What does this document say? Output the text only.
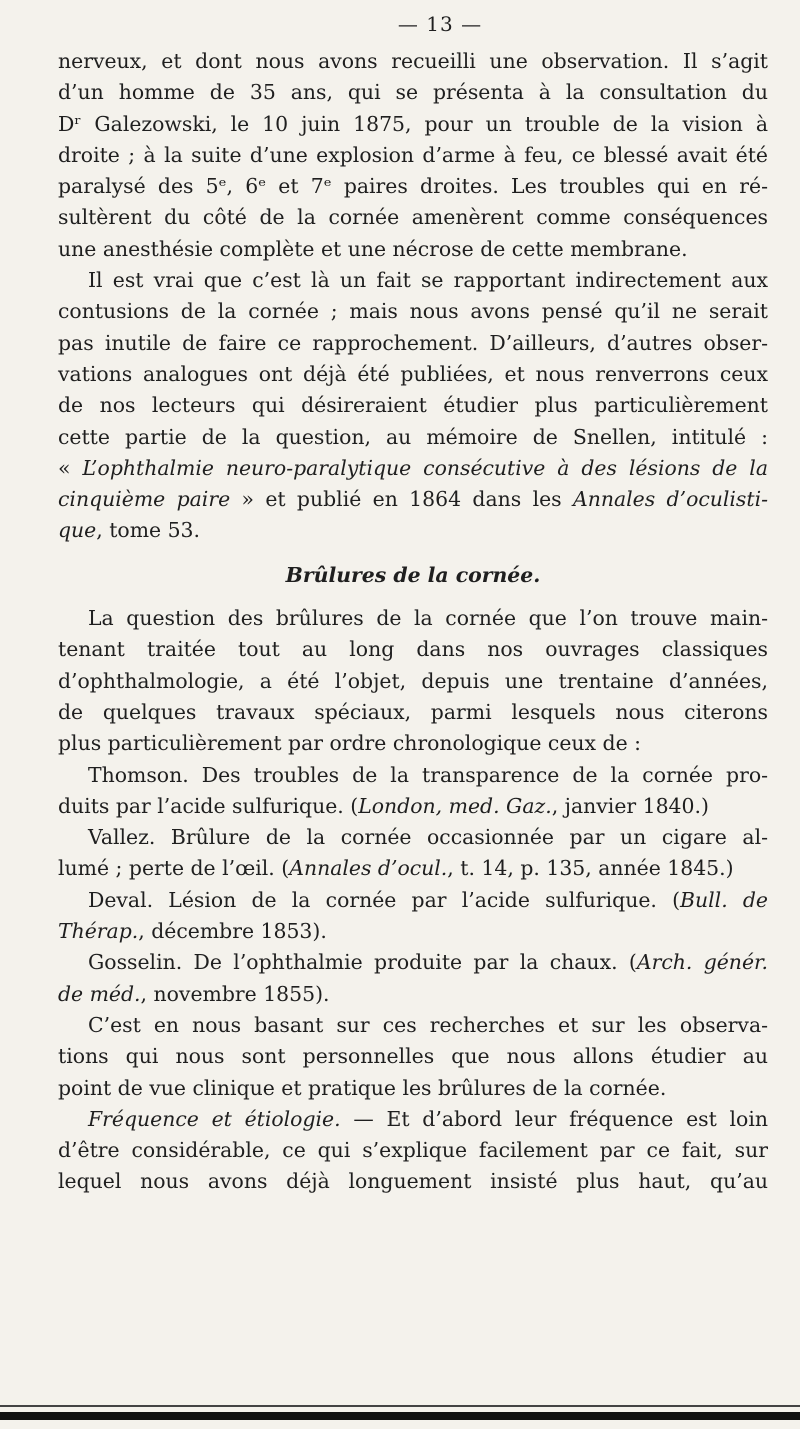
— 13 —

nerveux, et dont nous avons recueilli une observation. Il s’agit
d’un homme de 35 ans, qui se présenta à la consultation du
Dʳ Galezowski, le 10 juin 1875, pour un trouble de la vision à
droite ; à la suite d’une explosion d’arme à feu, ce blessé avait été
paralysé des 5ᵉ, 6ᵉ et 7ᵉ paires droites. Les troubles qui en ré-
sultèrent du côté de la cornée amenèrent comme conséquences
une anesthésie complète et une nécrose de cette membrane.

Il est vrai que c’est là un fait se rapportant indirectement aux
contusions de la cornée ; mais nous avons pensé qu’il ne serait
pas inutile de faire ce rapprochement. D’ailleurs, d’autres obser-
vations analogues ont déjà été publiées, et nous renverrons ceux
de nos lecteurs qui désireraient étudier plus particulièrement
cette partie de la question, au mémoire de Snellen, intitulé :
« L’ophthalmie neuro-paralytique consécutive à des lésions de la
cinquième paire » et publié en 1864 dans les Annales d’oculisti-
que, tome 53.

Brûlures de la cornée.

La question des brûlures de la cornée que l’on trouve main-
tenant traitée tout au long dans nos ouvrages classiques
d’ophthalmologie, a été l’objet, depuis une trentaine d’années,
de quelques travaux spéciaux, parmi lesquels nous citerons
plus particulièrement par ordre chronologique ceux de :

Thomson. Des troubles de la transparence de la cornée pro-
duits par l’acide sulfurique. (London, med. Gaz., janvier 1840.)
Vallez. Brûlure de la cornée occasionnée par un cigare al-
lumé ; perte de l’œil. (Annales d’ocul., t. 14, p. 135, année 1845.)
Deval. Lésion de la cornée par l’acide sulfurique. (Bull. de
Thérap., décembre 1853).
Gosselin. De l’ophthalmie produite par la chaux. (Arch. génér.
de méd., novembre 1855).

C’est en nous basant sur ces recherches et sur les observa-
tions qui nous sont personnelles que nous allons étudier au
point de vue clinique et pratique les brûlures de la cornée.

Fréquence et étiologie. — Et d’abord leur fréquence est loin
d’être considérable, ce qui s’explique facilement par ce fait, sur
lequel nous avons déjà longuement insisté plus haut, qu’au
